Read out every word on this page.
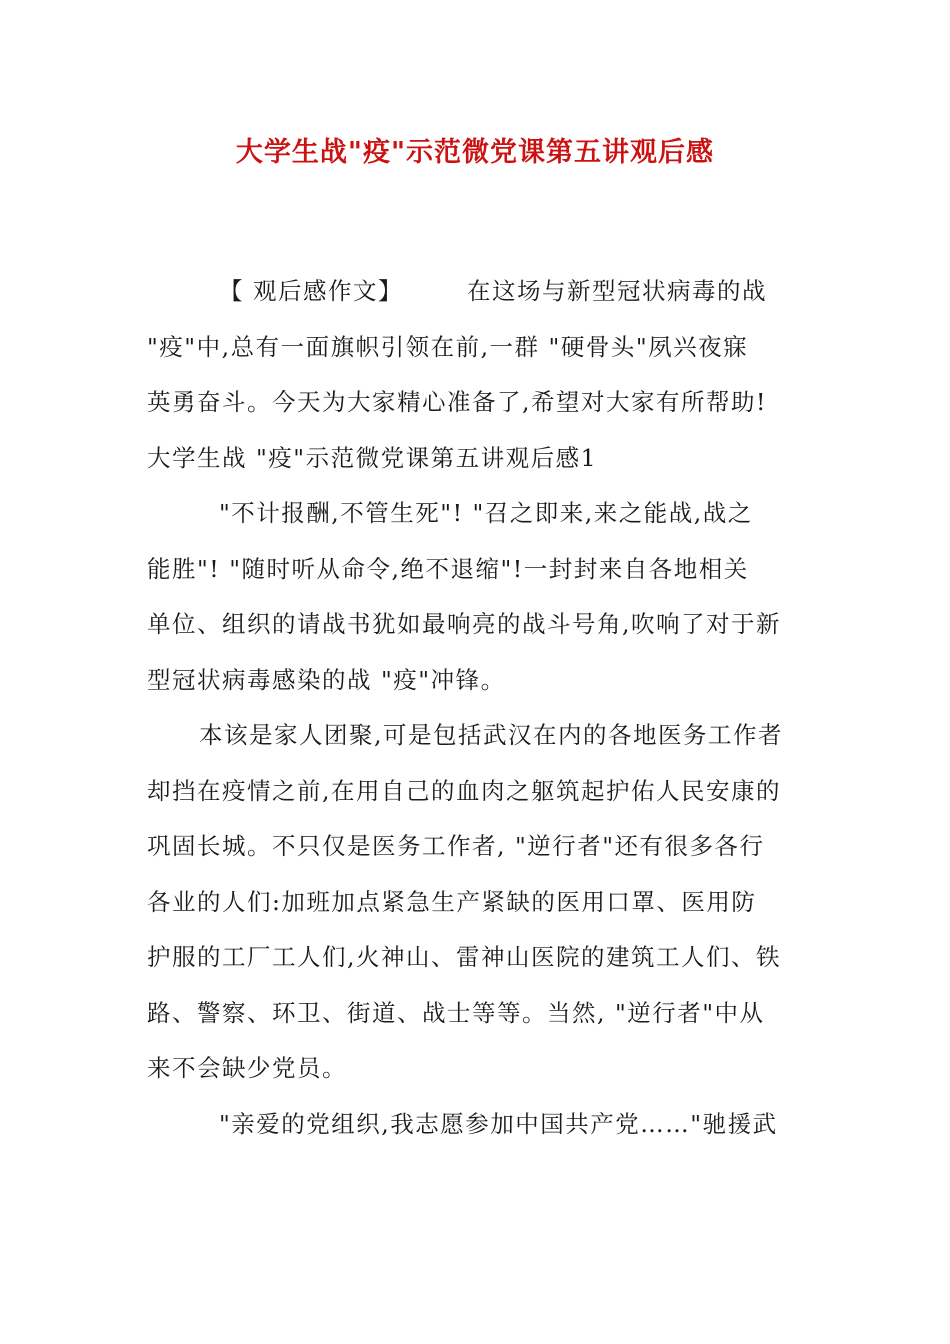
大学生战"疫"示范微党课第五讲观后感
【 观后感作文】	在这场与新型冠状病毒的战
"疫"中,总有一面旗帜引领在前,一群 "硬骨头"夙兴夜寐
英勇奋斗。今天为大家精心准备了,希望对大家有所帮助!
大学生战 "疫"示范微党课第五讲观后感1
"不计报酬,不管生死"! "召之即来,来之能战,战之
能胜"! "随时听从命令,绝不退缩"!一封封来自各地相关
单位、组织的请战书犹如最响亮的战斗号角,吹响了对于新
型冠状病毒感染的战 "疫"冲锋。
本该是家人团聚,可是包括武汉在内的各地医务工作者
却挡在疫情之前,在用自己的血肉之躯筑起护佑人民安康的
巩固长城。不只仅是医务工作者, "逆行者"还有很多各行
各业的人们:加班加点紧急生产紧缺的医用口罩、医用防
护服的工厂工人们,火神山、雷神山医院的建筑工人们、铁
路、警察、环卫、街道、战士等等。当然, "逆行者"中从
来不会缺少党员。
"亲爱的党组织,我志愿参加中国共产党……"驰援武
